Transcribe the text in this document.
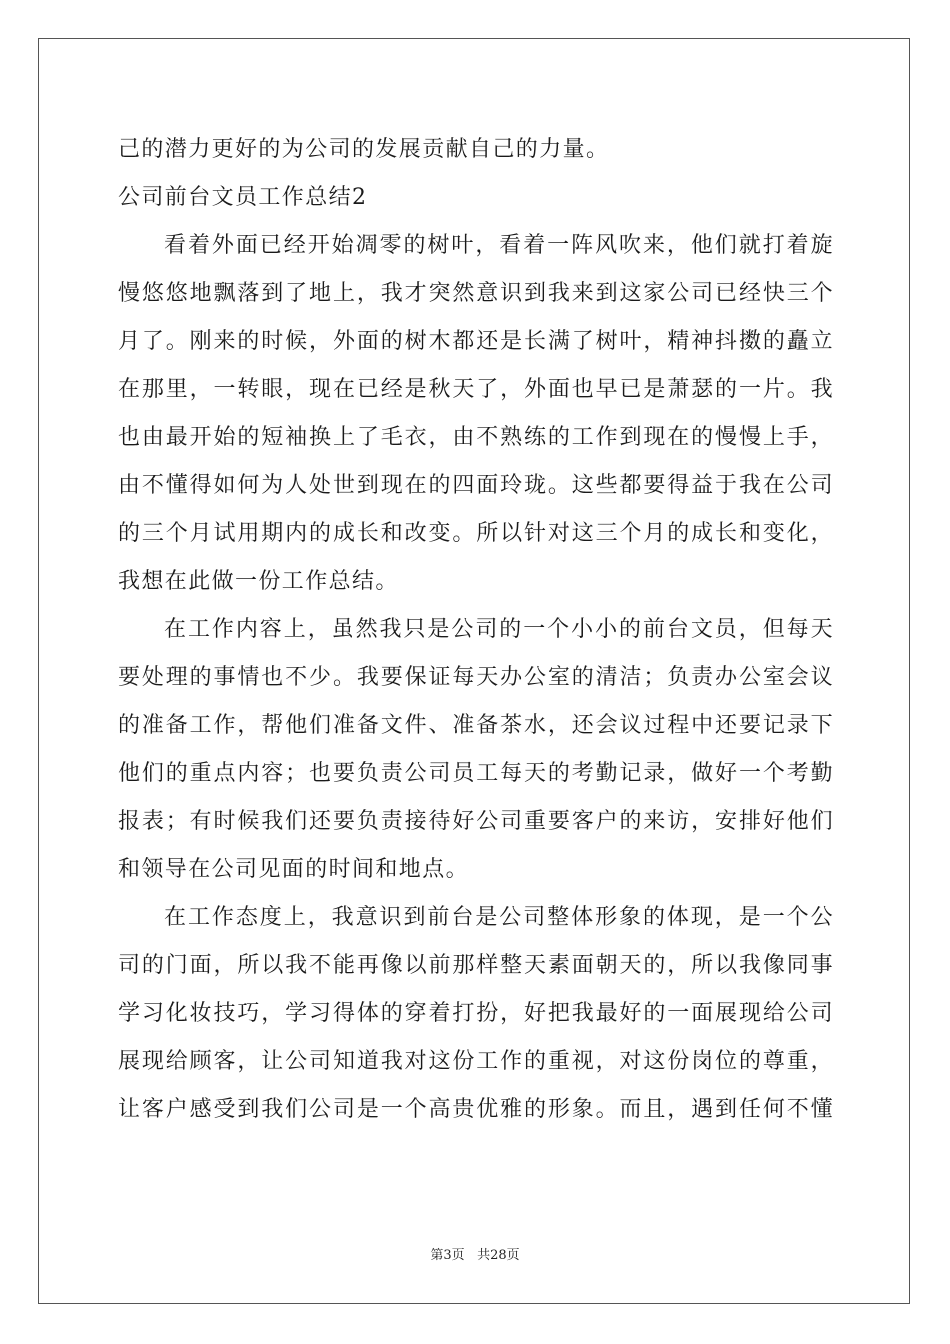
己的潜力更好的为公司的发展贡献自己的力量。
公司前台文员工作总结2
看着外面已经开始凋零的树叶，看着一阵风吹来，他们就打着旋
慢悠悠地飘落到了地上，我才突然意识到我来到这家公司已经快三个
月了。刚来的时候，外面的树木都还是长满了树叶，精神抖擞的矗立
在那里，一转眼，现在已经是秋天了，外面也早已是萧瑟的一片。我
也由最开始的短袖换上了毛衣，由不熟练的工作到现在的慢慢上手，
由不懂得如何为人处世到现在的四面玲珑。这些都要得益于我在公司
的三个月试用期内的成长和改变。所以针对这三个月的成长和变化，
我想在此做一份工作总结。
在工作内容上，虽然我只是公司的一个小小的前台文员，但每天
要处理的事情也不少。我要保证每天办公室的清洁；负责办公室会议
的准备工作，帮他们准备文件、准备茶水，还会议过程中还要记录下
他们的重点内容；也要负责公司员工每天的考勤记录，做好一个考勤
报表；有时候我们还要负责接待好公司重要客户的来访，安排好他们
和领导在公司见面的时间和地点。
在工作态度上，我意识到前台是公司整体形象的体现，是一个公
司的门面，所以我不能再像以前那样整天素面朝天的，所以我像同事
学习化妆技巧，学习得体的穿着打扮，好把我最好的一面展现给公司
展现给顾客，让公司知道我对这份工作的重视，对这份岗位的尊重，
让客户感受到我们公司是一个高贵优雅的形象。而且，遇到任何不懂
第3页 共28页
